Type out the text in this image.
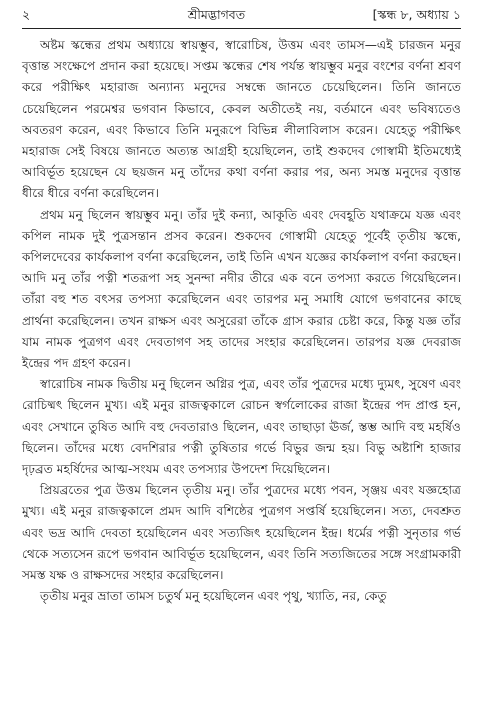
২	শ্রীমদ্ভাগবত	[স্কন্ধ ৮, অধ্যায় ১

অষ্টম স্কন্ধের প্রথম অধ্যায়ে স্বায়ম্ভুব, স্বারোচিষ, উত্তম এবং তামস—এই চারজন মনুর বৃত্তান্ত সংক্ষেপে প্রদান করা হয়েছে। সপ্তম স্কন্ধের শেষ পর্যন্ত স্বায়ম্ভুব মনুর বংশের বর্ণনা শ্রবণ করে পরীক্ষিৎ মহারাজ অন্যান্য মনুদের সম্বন্ধে জানতে চেয়েছিলেন। তিনি জানতে চেয়েছিলেন পরমেশ্বর ভগবান কিভাবে, কেবল অতীতেই নয়, বর্তমানে এবং ভবিষ্যতেও অবতরণ করেন, এবং কিভাবে তিনি মনুরূপে বিভিন্ন লীলাবিলাস করেন। যেহেতু পরীক্ষিৎ মহারাজ সেই বিষয়ে জানতে অত্যন্ত আগ্রহী হয়েছিলেন, তাই শুকদেব গোস্বামী ইতিমধ্যেই আবির্ভূত হয়েছেন যে ছয়জন মনু তাঁদের কথা বর্ণনা করার পর, অন্য সমস্ত মনুদের বৃত্তান্ত ধীরে ধীরে বর্ণনা করেছিলেন।

প্রথম মনু ছিলেন স্বায়ম্ভুব মনু। তাঁর দুই কন্যা, আকূতি এবং দেবহূতি যথাক্রমে যজ্ঞ এবং কপিল নামক দুই পুত্রসন্তান প্রসব করেন। শুকদেব গোস্বামী যেহেতু পূর্বেই তৃতীয় স্কন্ধে, কপিলদেবের কার্যকলাপ বর্ণনা করেছিলেন, তাই তিনি এখন যজ্ঞের কার্যকলাপ বর্ণনা করছেন। আদি মনু তাঁর পত্নী শতরূপা সহ সুনন্দা নদীর তীরে এক বনে তপস্যা করতে গিয়েছিলেন। তাঁরা বহু শত বৎসর তপস্যা করেছিলেন এবং তারপর মনু সমাধি যোগে ভগবানের কাছে প্রার্থনা করেছিলেন। তখন রাক্ষস এবং অসুরেরা তাঁকে গ্রাস করার চেষ্টা করে, কিন্তু যজ্ঞ তাঁর যাম নামক পুত্রগণ এবং দেবতাগণ সহ তাদের সংহার করেছিলেন। তারপর যজ্ঞ দেবরাজ ইন্দ্রের পদ গ্রহণ করেন।

স্বারোচিষ নামক দ্বিতীয় মনু ছিলেন অগ্নির পুত্র, এবং তাঁর পুত্রদের মধ্যে দ্যুমৎ, সুষেণ এবং রোচিষ্মৎ ছিলেন মুখ্য। এই মনুর রাজত্বকালে রোচন স্বর্গলোকের রাজা ইন্দ্রের পদ প্রাপ্ত হন, এবং সেখানে তুষিত আদি বহু দেবতারাও ছিলেন, এবং তাছাড়া ঊর্জ, স্তম্ভ আদি বহু মহর্ষিও ছিলেন। তাঁদের মধ্যে বেদশিরার পত্নী তুষিতার গর্ভে বিভুর জন্ম হয়। বিভু অষ্টাশি হাজার দৃঢ়ব্রত মহর্ষিদের আত্ম-সংযম এবং তপস্যার উপদেশ দিয়েছিলেন।

প্রিয়ব্রতের পুত্র উত্তম ছিলেন তৃতীয় মনু। তাঁর পুত্রদের মধ্যে পবন, সৃঞ্জয় এবং যজ্ঞহোত্র মুখ্য। এই মনুর রাজত্বকালে প্রমদ আদি বশিষ্ঠের পুত্রগণ সপ্তর্ষি হয়েছিলেন। সত্য, দেবশ্রুত এবং ভদ্র আদি দেবতা হয়েছিলেন এবং সত্যজিৎ হয়েছিলেন ইন্দ্র। ধর্মের পত্নী সুনৃতার গর্ভ থেকে সত্যসেন রূপে ভগবান আবির্ভূত হয়েছিলেন, এবং তিনি সত্যজিতের সঙ্গে সংগ্রামকারী সমস্ত যক্ষ ও রাক্ষসদের সংহার করেছিলেন।

তৃতীয় মনুর ভ্রাতা তামস চতুর্থ মনু হয়েছিলেন এবং পৃথু, খ্যাতি, নর, কেতু
